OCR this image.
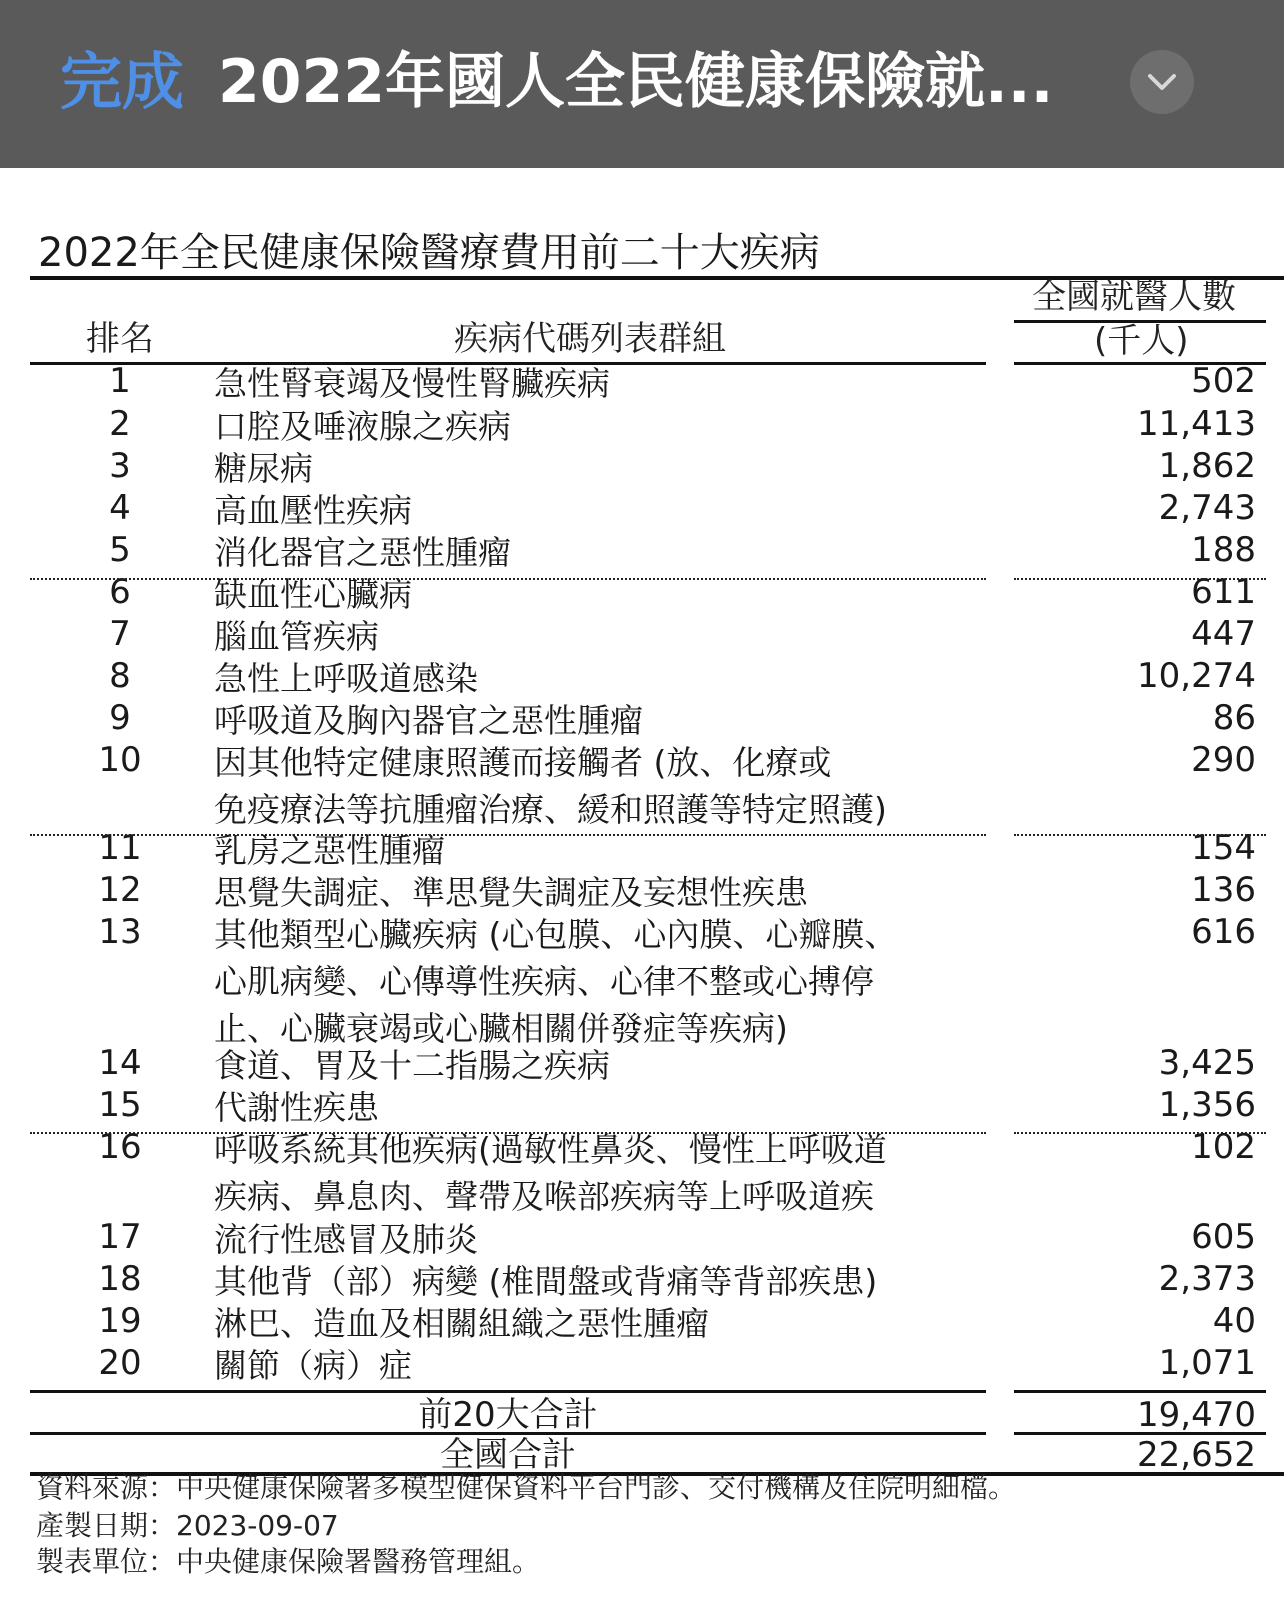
完成 2022年國人全民健康保險就...
2022年全民健康保險醫療費用前二十大疾病
全國就醫人數
(千人)
排名	疾病代碼列表群組
1	急性腎衰竭及慢性腎臟疾病	502
2	口腔及唾液腺之疾病	11,413
3	糖尿病	1,862
4	高血壓性疾病	2,743
5	消化器官之惡性腫瘤	188
6	缺血性心臟病	611
7	腦血管疾病	447
8	急性上呼吸道感染	10,274
9	呼吸道及胸內器官之惡性腫瘤	86
10	因其他特定健康照護而接觸者 (放、化療或
免疫療法等抗腫瘤治療、緩和照護等特定照護)
290
11	乳房之惡性腫瘤	154
12	思覺失調症、準思覺失調症及妄想性疾患	136
13	其他類型心臟疾病 (心包膜、心內膜、心瓣膜、
心肌病變、心傳導性疾病、心律不整或心搏停
止、心臟衰竭或心臟相關併發症等疾病)
616
14	食道、胃及十二指腸之疾病	3,425
15	代謝性疾患	1,356
16	呼吸系統其他疾病(過敏性鼻炎、慢性上呼吸道
疾病、鼻息肉、聲帶及喉部疾病等上呼吸道疾
102
17	流行性感冒及肺炎	605
18	其他背（部）病變 (椎間盤或背痛等背部疾患)	2,373
19	淋巴、造血及相關組織之惡性腫瘤	40
20	關節（病）症	1,071
前20大合計	19,470
全國合計	22,652
資料來源：中央健康保險署多模型健保資料平台門診、交付機構及住院明細檔。
產製日期：2023-09-07
製表單位：中央健康保險署醫務管理組。
